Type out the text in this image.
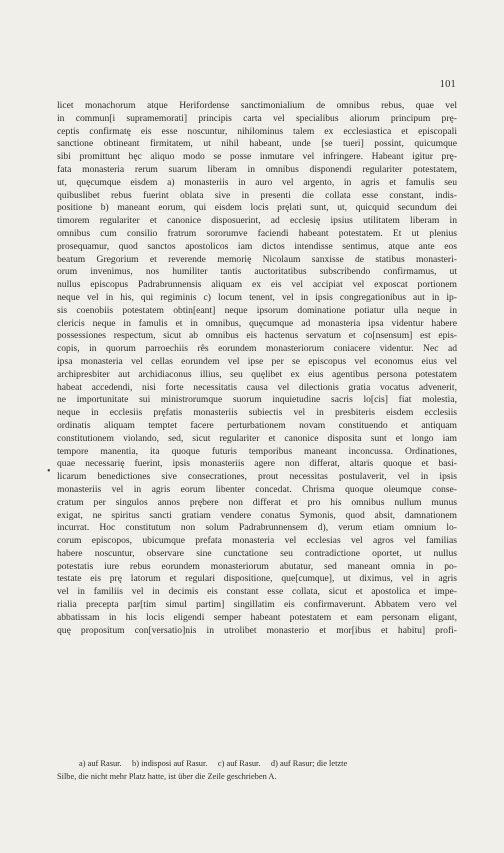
101
•
licet monachorum atque Herifordense sanctimonialium de omnibus rebus, quae vel
in commun[i supramemorati] principis carta vel specialibus aliorum principum prę-
ceptis confirmatę eis esse noscuntur, nihilominus talem ex ecclesiastica et episcopali
sanctione obtineant firmitatem, ut nihil habeant, unde [se tueri] possint, quicumque
sibi promittunt hęc aliquo modo se posse inmutare vel infringere. Habeant igitur prę-
fata monasteria rerum suarum liberam in omnibus disponendi regulariter potestatem,
ut, quęcumque eisdem a) monasteriis in auro vel argento, in agris et famulis seu
quibuslibet rebus fuerint oblata sive in presenti die collata esse constant, indis-
positione b) maneant eorum, qui eisdem locis pręlati sunt, ut, quicquid secundum dei
timorem regulariter et canonice disposuerint, ad ecclesię ipsius utilitatem liberam in
omnibus cum consilio fratrum sororumve faciendi habeant potestatem. Et ut plenius
prosequamur, quod sanctos apostolicos iam dictos intendisse sentimus, atque ante eos
beatum Gregorium et reverende memorię Nicolaum sanxisse de statibus monasteri-
orum invenimus, nos humiliter tantis auctoritatibus subscribendo confirmamus, ut
nullus episcopus Padrabrunnensis aliquam ex eis vel accipiat vel exposcat portionem
neque vel in his, qui regiminis c) locum tenent, vel in ipsis congregationibus aut in ip-
sis coenobiis potestatem obtin[eant] neque ipsorum dominatione potiatur ulla neque in
clericis neque in famulis et in omnibus, quęcumque ad monasteria ipsa videntur habere
possessiones respectum, sicut ab omnibus eis hactenus servatum et co[nsensum] est epis-
copis, in quorum parroechiis rês eorundem monasteriorum coniacere videntur. Nec ad
ipsa monasteria vel cellas eorundem vel ipse per se episcopus vel economus eius vel
archipresbiter aut archidiaconus illius, seu quęlibet ex eius agentibus persona potestatem
habeat accedendi, nisi forte necessitatis causa vel dilectionis gratia vocatus advenerit,
ne importunitate sui ministrorumque suorum inquietudine sacris lo[cis] fiat molestia,
neque in ecclesiis pręfatis monasteriis subiectis vel in presbiteris eisdem ecclesiis
ordinatis aliquam temptet facere perturbationem novam constituendo et antiquam
constitutionem violando, sed, sicut regulariter et canonice disposita sunt et longo iam
tempore manentia, ita quoque futuris temporibus maneant inconcussa. Ordinationes,
quae necessarię fuerint, ipsis monasteriis agere non differat, altaris quoque et basi-
licarum benedictiones sive consecrationes, prout necessitas postulaverit, vel in ipsis
monasteriis vel in agris eorum libenter concedat. Chrisma quoque oleumque conse-
cratum per singulos annos prębere non differat et pro his omnibus nullum munus
exigat, ne spiritus sancti gratiam vendere conatus Symonis, quod absit, damnationem
incurrat. Hoc constitutum non solum Padrabrunnensem d), verum etiam omnium lo-
corum episcopos, ubicumque prefata monasteria vel ecclesias vel agros vel familias
habere noscuntur, observare sine cunctatione seu contradictione oportet, ut nullus
potestatis iure rebus eorundem monasteriorum abutatur, sed maneant omnia in po-
testate eis prę latorum et regulari dispositione, que[cumque], ut diximus, vel in agris
vel in familiis vel in decimis eis constant esse collata, sicut et apostolica et impe-
rialia precepta par[tim simul partim] singillatim eis confirmaverunt. Abbatem vero vel
abbatissam in his locis eligendi semper habeant potestatem et eam personam eligant,
quę propositum con[versatio]nis in utrolibet monasterio et mor[ibus et habitu] profi-
a) auf Rasur. b) indisposi auf Rasur. c) auf Rasur. d) auf Rasur; die letzte
Silbe, die nicht mehr Platz hatte, ist über die Zeile geschrieben A.
